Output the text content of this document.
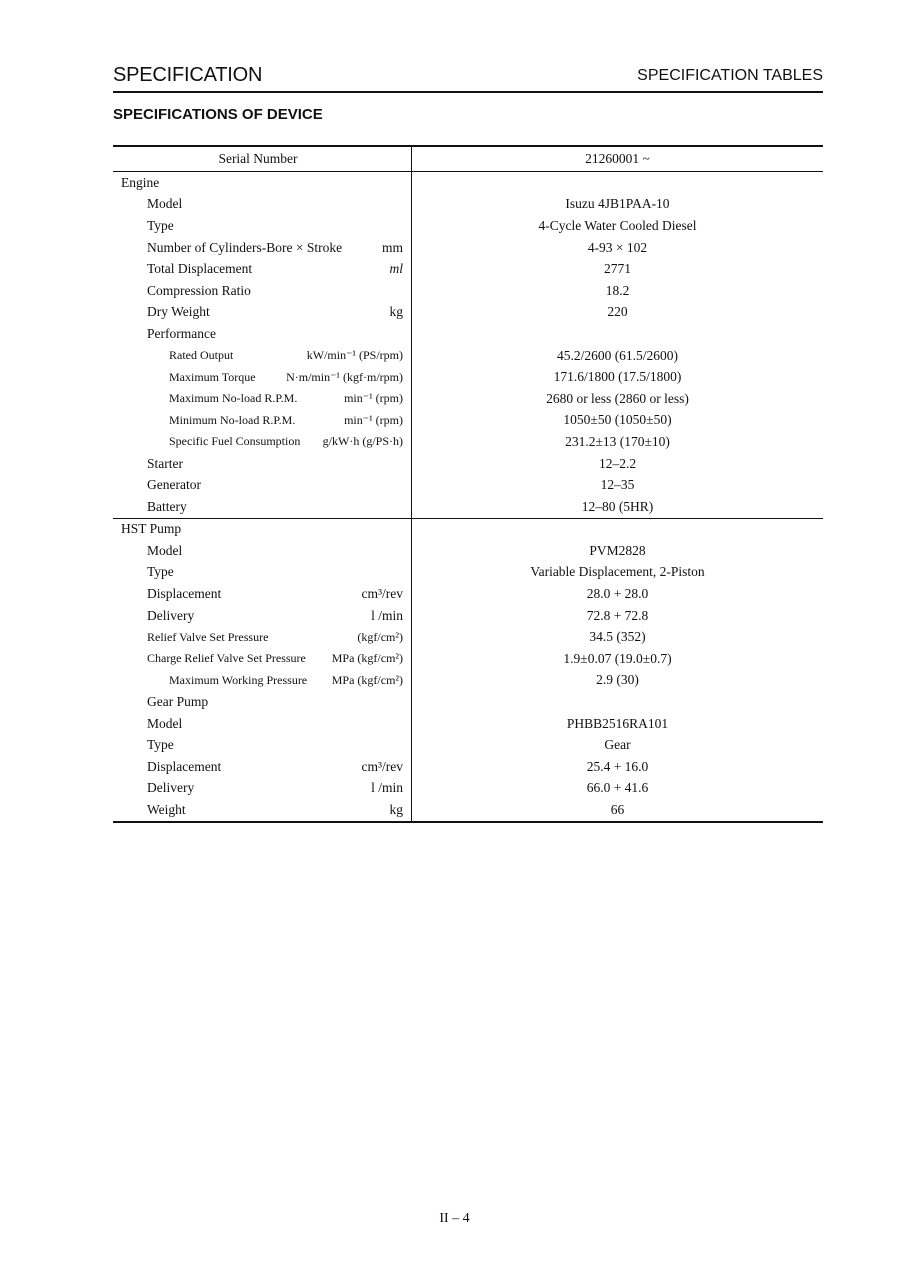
SPECIFICATION	SPECIFICATION TABLES
SPECIFICATIONS OF DEVICE
Serial Number	21260001 ~
Engine
Model	Isuzu 4JB1PAA-10
Type	4-Cycle Water Cooled Diesel
Number of Cylinders-Bore × Stroke	mm	4-93 × 102
Total Displacement	ml	2771
Compression Ratio	18.2
Dry Weight	kg	220
Performance
Rated Output	kW/min⁻¹ (PS/rpm)	45.2/2600 (61.5/2600)
Maximum Torque	N·m/min⁻¹ (kgf·m/rpm)	171.6/1800 (17.5/1800)
Maximum No-load R.P.M.	min⁻¹ (rpm)	2680 or less (2860 or less)
Minimum No-load R.P.M.	min⁻¹ (rpm)	1050±50 (1050±50)
Specific Fuel Consumption	g/kW·h (g/PS·h)	231.2±13 (170±10)
Starter	12–2.2
Generator	12–35
Battery	12–80 (5HR)
HST Pump
Model	PVM2828
Type	Variable Displacement, 2-Piston
Displacement	cm³/rev	28.0 + 28.0
Delivery	l /min	72.8 + 72.8
Relief Valve Set Pressure	(kgf/cm²)	34.5 (352)
Charge Relief Valve Set Pressure	MPa (kgf/cm²)	1.9±0.07 (19.0±0.7)
Maximum Working Pressure	MPa (kgf/cm²)	2.9 (30)
Gear Pump
Model	PHBB2516RA101
Type	Gear
Displacement	cm³/rev	25.4 + 16.0
Delivery	l /min	66.0 + 41.6
Weight	kg	66
II – 4
